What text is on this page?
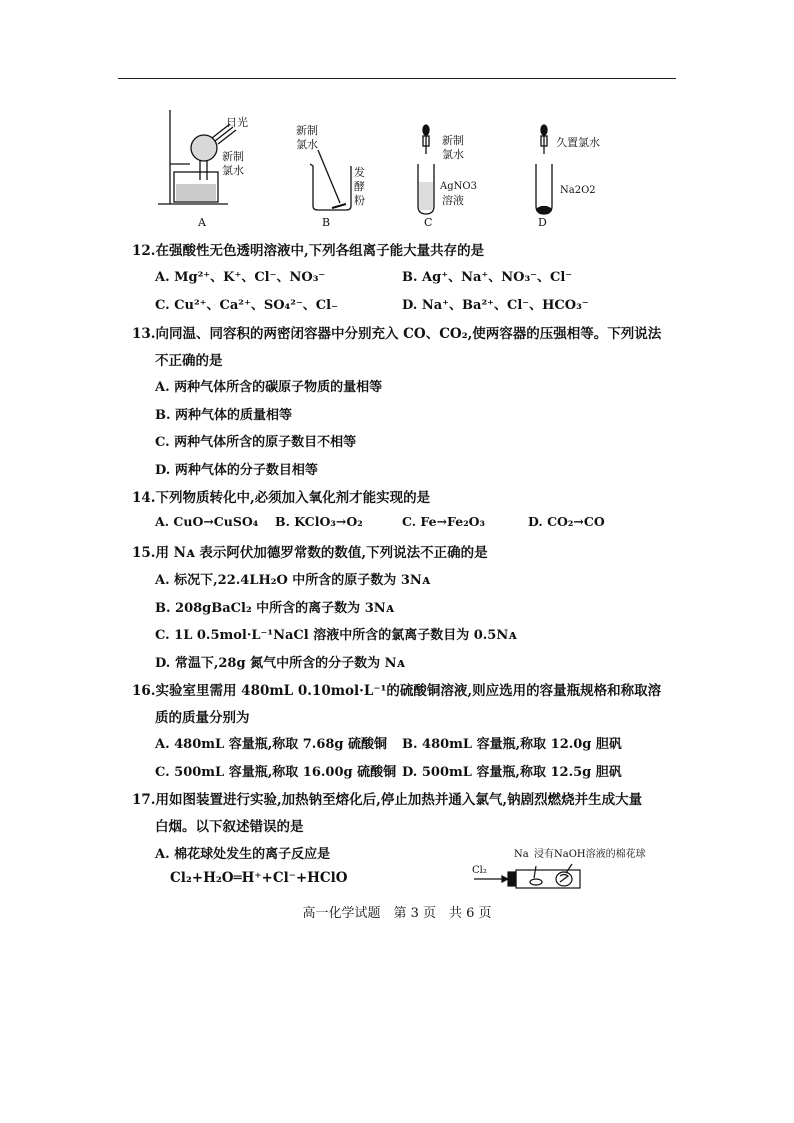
日光
新制
氯水
A
新制
氯水
发
酵
粉
B
新制
氯水
AgNO3
溶液
C
久置氯水
Na2O2
D
12.在强酸性无色透明溶液中,下列各组离子能大量共存的是
A. Mg²⁺、K⁺、Cl⁻、NO₃⁻	B. Ag⁺、Na⁺、NO₃⁻、Cl⁻
C. Cu²⁺、Ca²⁺、SO₄²⁻、Cl₋	D. Na⁺、Ba²⁺、Cl⁻、HCO₃⁻
13.向同温、同容积的两密闭容器中分别充入 CO、CO₂,使两容器的压强相等。下列说法
不正确的是
A. 两种气体所含的碳原子物质的量相等
B. 两种气体的质量相等
C. 两种气体所含的原子数目不相等
D. 两种气体的分子数目相等
14.下列物质转化中,必须加入氧化剂才能实现的是
A. CuO→CuSO₄ B. KClO₃→O₂	C. Fe→Fe₂O₃	D. CO₂→CO
15.用 Nᴀ 表示阿伏加德罗常数的数值,下列说法不正确的是
A. 标况下,22.4LH₂O 中所含的原子数为 3Nᴀ
B. 208gBaCl₂ 中所含的离子数为 3Nᴀ
C. 1L 0.5mol·L⁻¹NaCl 溶液中所含的氯离子数目为 0.5Nᴀ
D. 常温下,28g 氮气中所含的分子数为 Nᴀ
16.实验室里需用 480mL 0.10mol·L⁻¹的硫酸铜溶液,则应选用的容量瓶规格和称取溶
质的质量分别为
A. 480mL 容量瓶,称取 7.68g 硫酸铜 B. 480mL 容量瓶,称取 12.0g 胆矾
C. 500mL 容量瓶,称取 16.00g 硫酸铜 D. 500mL 容量瓶,称取 12.5g 胆矾
17.用如图装置进行实验,加热钠至熔化后,停止加热并通入氯气,钠剧烈燃烧并生成大量
白烟。以下叙述错误的是
A. 棉花球处发生的离子反应是
Cl₂+H₂O═H⁺+Cl⁻+HClO	Cl₂
Na 浸有NaOH溶液的棉花球
高一化学试题　第 3 页　共 6 页
